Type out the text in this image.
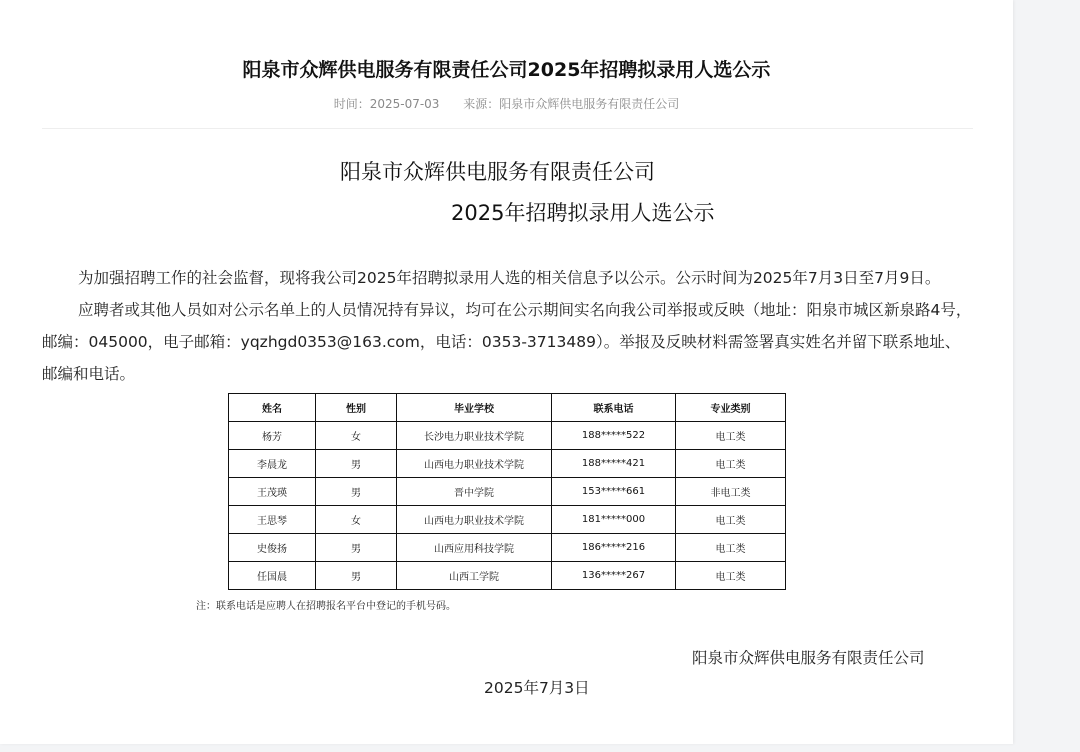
阳泉市众辉供电服务有限责任公司2025年招聘拟录用人选公示
时间：2025-07-03 来源：阳泉市众辉供电服务有限责任公司
阳泉市众辉供电服务有限责任公司
2025年招聘拟录用人选公示

为加强招聘工作的社会监督，现将我公司2025年招聘拟录用人选的相关信息予以公示。公示时间为2025年7月3日至7月9日。

应聘者或其他人员如对公示名单上的人员情况持有异议，均可在公示期间实名向我公司举报或反映（地址：阳泉市城区新泉路4号，邮编：045000，电子邮箱：yqzhgd0353@163.com，电话：0353-3713489）。举报及反映材料需签署真实姓名并留下联系地址、邮编和电话。

姓名	性别	毕业学校	联系电话	专业类别
杨芳	女	长沙电力职业技术学院	188*****522	电工类
李晨龙	男	山西电力职业技术学院	188*****421	电工类
王茂瑛	男	晋中学院	153*****661	非电工类
王思琴	女	山西电力职业技术学院	181*****000	电工类
史俊扬	男	山西应用科技学院	186*****216	电工类
任国晨	男	山西工学院	136*****267	电工类
注：联系电话是应聘人在招聘报名平台中登记的手机号码。
阳泉市众辉供电服务有限责任公司
2025年7月3日
